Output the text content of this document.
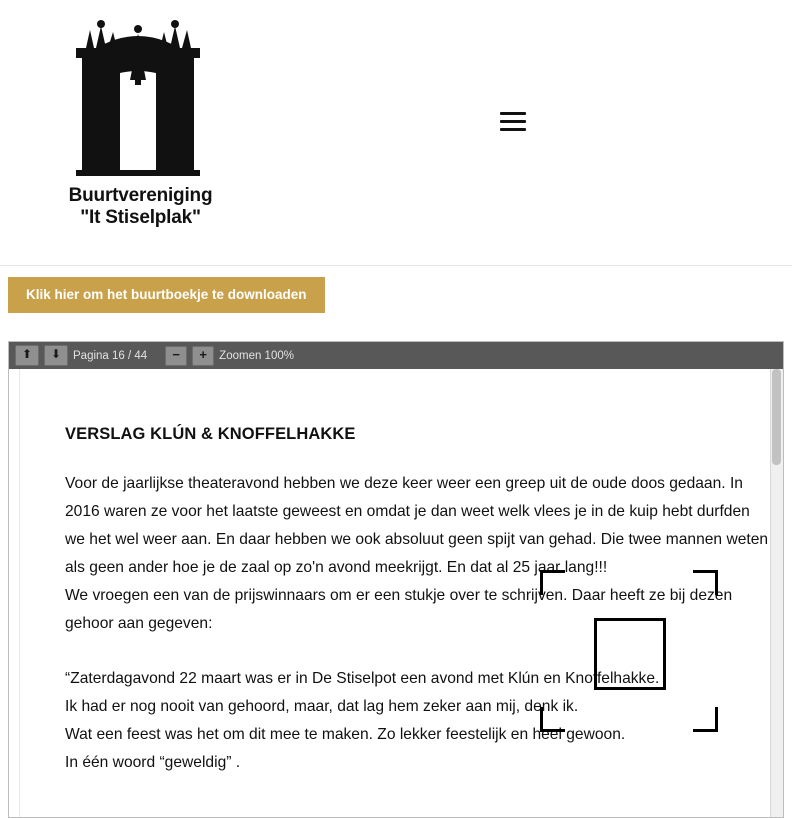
Buurtvereniging
"It Stiselplak"
Klik hier om het buurtboekje te downloaden
⬆	⬇	Pagina 16 / 44	−	+	Zoomen 100%
VERSLAG KLÚN & KNOFFELHAKKE
Voor de jaarlijkse theateravond hebben we deze keer weer een greep uit de oude doos gedaan. In 2016 waren ze voor het laatste geweest en omdat je dan weet welk vlees je in de kuip hebt durfden we het wel weer aan. En daar hebben we ook absoluut geen spijt van gehad. Die twee mannen weten als geen ander hoe je de zaal op zo'n avond meekrijgt. En dat al 25 jaar lang!!!
We vroegen een van de prijswinnaars om er een stukje over te schrijven. Daar heeft ze bij dezen gehoor aan gegeven:
“Zaterdagavond 22 maart was er in De Stiselpot een avond met Klún en Knoffelhakke.
Ik had er nog nooit van gehoord, maar, dat lag hem zeker aan mij, denk ik.
Wat een feest was het om dit mee te maken. Zo lekker feestelijk en heel gewoon.
In één woord “geweldig” .
